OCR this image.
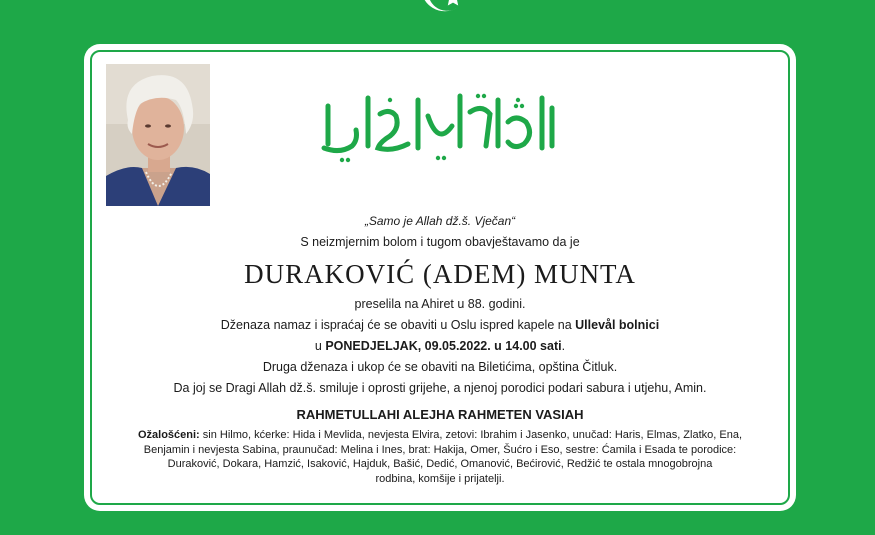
„Samo je Allah dž.š. Vječan“
S neizmjernim bolom i tugom obavještavamo da je
DURAKOVIĆ (ADEM) MUNTA
preselila na Ahiret u 88. godini.
Dženaza namaz i ispraćaj će se obaviti u Oslu ispred kapele na Ullevål bolnici
u PONEDJELJAK, 09.05.2022. u 14.00 sati.
Druga dženaza i ukop će se obaviti na Biletićima, opština Čitluk.
Da joj se Dragi Allah dž.š. smiluje i oprosti grijehe, a njenoj porodici podari sabura i utjehu, Amin.
RAHMETULLAHI ALEJHA RAHMETEN VASIAH
Ožalošćeni: sin Hilmo, kćerke: Hida i Mevlida, nevjesta Elvira, zetovi: Ibrahim i Jasenko, unučad: Haris, Elmas, Zlatko, Ena,
Benjamin i nevjesta Sabina, praunučad: Melina i Ines, brat: Hakija, Omer, Šućro i Eso, sestre: Ćamila i Esada te porodice:
Duraković, Dokara, Hamzić, Isaković, Hajduk, Bašić, Dedić, Omanović, Bećirović, Redžić te ostala mnogobrojna
rodbina, komšije i prijatelji.
